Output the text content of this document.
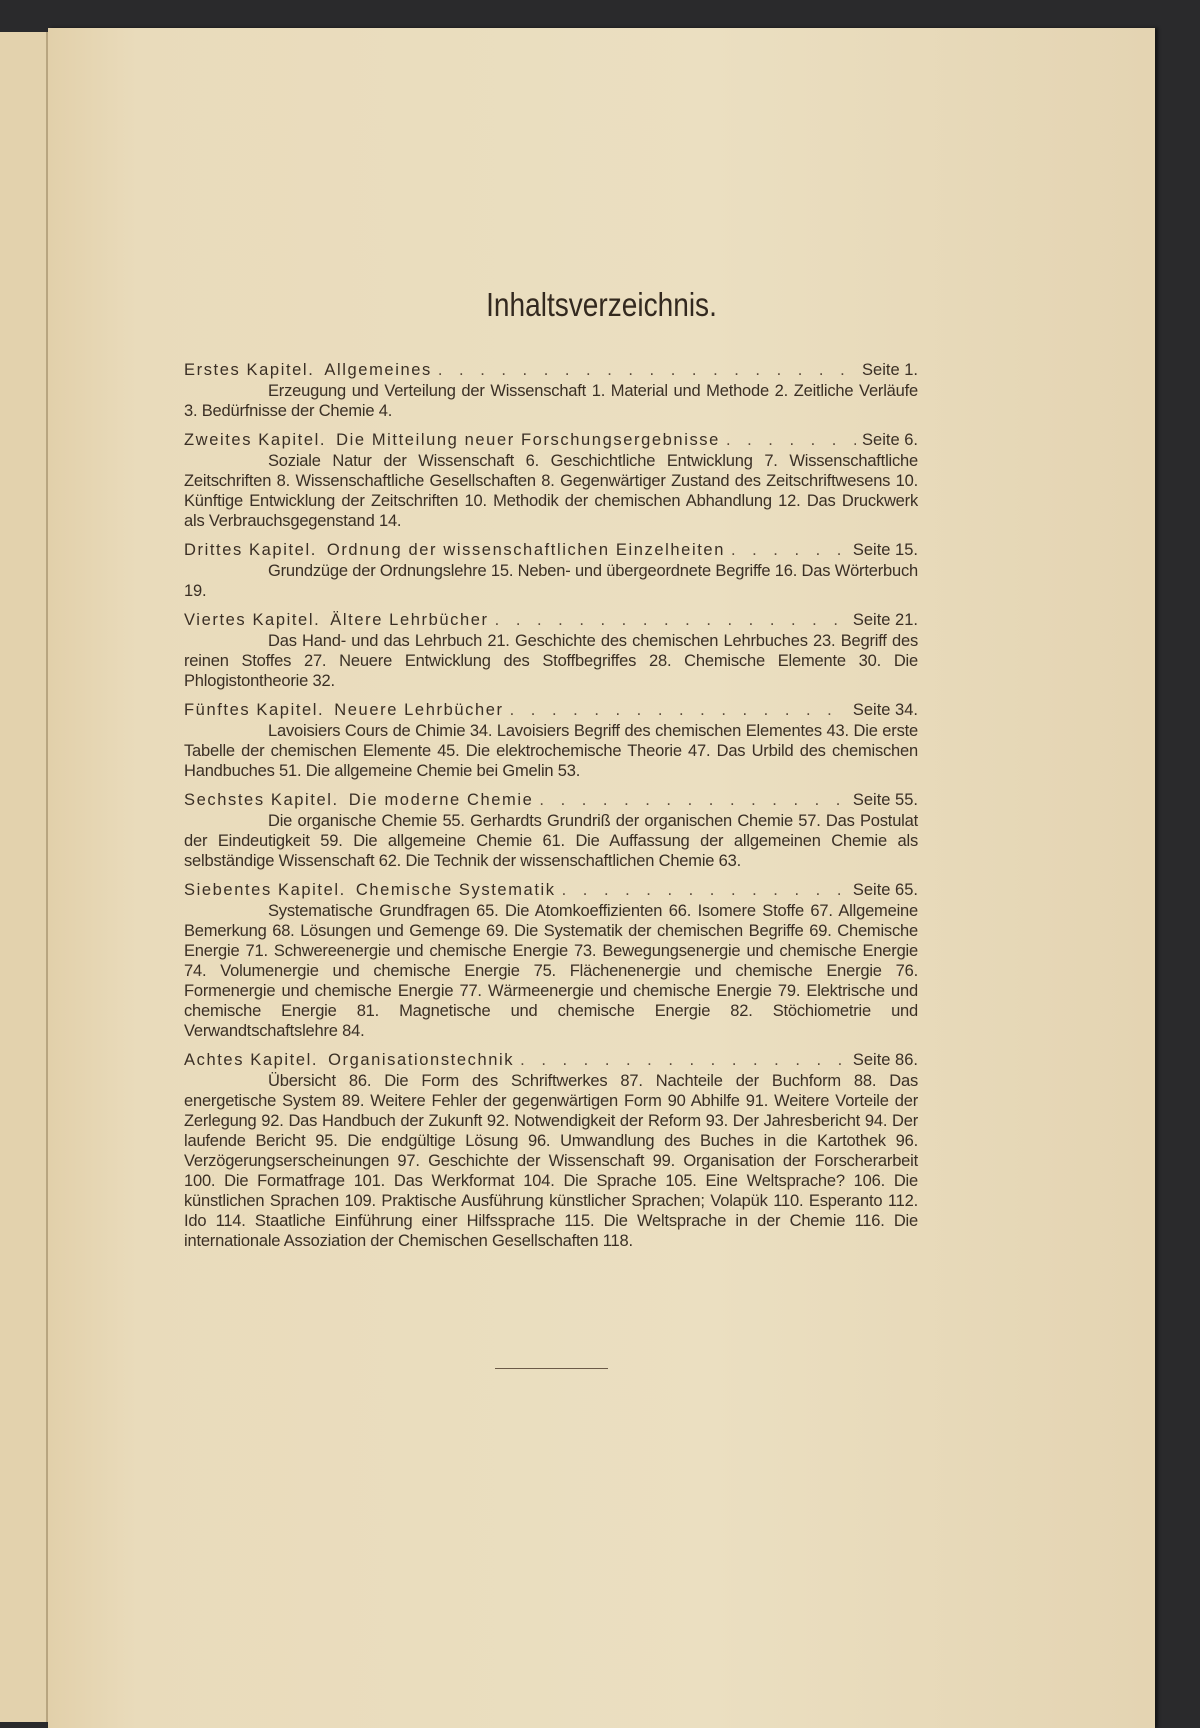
Inhaltsverzeichnis.
Erstes Kapitel. Allgemeines . . .	Seite 1.
Erzeugung und Verteilung der Wissenschaft 1. Material und Methode 2. Zeitliche Verläufe 3. Bedürfnisse der Chemie 4.
Zweites Kapitel. Die Mitteilung neuer Forschungsergebnisse . . .	Seite 6.
Soziale Natur der Wissenschaft 6. Geschichtliche Entwicklung 7. Wissenschaftliche Zeitschriften 8. Wissenschaftliche Gesellschaften 8. Gegenwärtiger Zustand des Zeitschriftwesens 10. Künftige Entwicklung der Zeitschriften 10. Methodik der chemischen Abhandlung 12. Das Druckwerk als Verbrauchsgegenstand 14.
Drittes Kapitel. Ordnung der wissenschaftlichen Einzelheiten . . .	Seite 15.
Grundzüge der Ordnungslehre 15. Neben- und übergeordnete Begriffe 16. Das Wörterbuch 19.
Viertes Kapitel. Ältere Lehrbücher . . .	Seite 21.
Das Hand- und das Lehrbuch 21. Geschichte des chemischen Lehrbuches 23. Begriff des reinen Stoffes 27. Neuere Entwicklung des Stoffbegriffes 28. Chemische Elemente 30. Die Phlogistontheorie 32.
Fünftes Kapitel. Neuere Lehrbücher . . .	Seite 34.
Lavoisiers Cours de Chimie 34. Lavoisiers Begriff des chemischen Elementes 43. Die erste Tabelle der chemischen Elemente 45. Die elektrochemische Theorie 47. Das Urbild des chemischen Handbuches 51. Die allgemeine Chemie bei Gmelin 53.
Sechstes Kapitel. Die moderne Chemie . . .	Seite 55.
Die organische Chemie 55. Gerhardts Grundriß der organischen Chemie 57. Das Postulat der Eindeutigkeit 59. Die allgemeine Chemie 61. Die Auffassung der allgemeinen Chemie als selbständige Wissenschaft 62. Die Technik der wissenschaftlichen Chemie 63.
Siebentes Kapitel. Chemische Systematik . . .	Seite 65.
Systematische Grundfragen 65. Die Atomkoeffizienten 66. Isomere Stoffe 67. Allgemeine Bemerkung 68. Lösungen und Gemenge 69. Die Systematik der chemischen Begriffe 69. Chemische Energie 71. Schwereenergie und chemische Energie 73. Bewegungsenergie und chemische Energie 74. Volumenergie und chemische Energie 75. Flächenenergie und chemische Energie 76. Formenergie und chemische Energie 77. Wärmeenergie und chemische Energie 79. Elektrische und chemische Energie 81. Magnetische und chemische Energie 82. Stöchiometrie und Verwandtschaftslehre 84.
Achtes Kapitel. Organisationstechnik . . .	Seite 86.
Übersicht 86. Die Form des Schriftwerkes 87. Nachteile der Buchform 88. Das energetische System 89. Weitere Fehler der gegenwärtigen Form 90 Abhilfe 91. Weitere Vorteile der Zerlegung 92. Das Handbuch der Zukunft 92. Notwendigkeit der Reform 93. Der Jahresbericht 94. Der laufende Bericht 95. Die endgültige Lösung 96. Umwandlung des Buches in die Kartothek 96. Verzögerungserscheinungen 97. Geschichte der Wissenschaft 99. Organisation der Forscherarbeit 100. Die Formatfrage 101. Das Werkformat 104. Die Sprache 105. Eine Weltsprache? 106. Die künstlichen Sprachen 109. Praktische Ausführung künstlicher Sprachen; Volapük 110. Esperanto 112. Ido 114. Staatliche Einführung einer Hilfssprache 115. Die Weltsprache in der Chemie 116. Die internationale Assoziation der Chemischen Gesellschaften 118.
